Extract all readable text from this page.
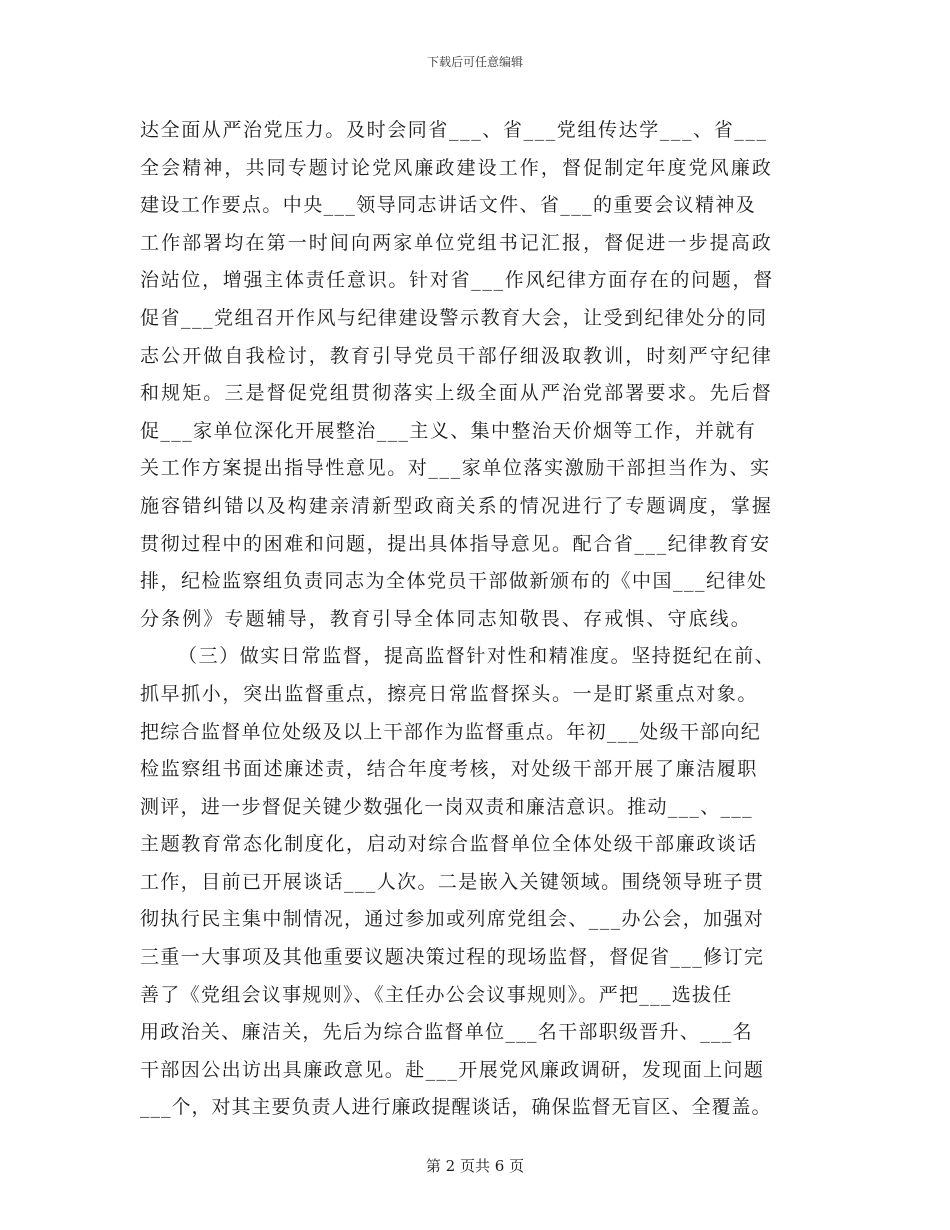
下载后可任意编辑
达全面从严治党压力。及时会同省___、省___党组传达学___、省___
全会精神，共同专题讨论党风廉政建设工作，督促制定年度党风廉政
建设工作要点。中央___领导同志讲话文件、省___的重要会议精神及
工作部署均在第一时间向两家单位党组书记汇报，督促进一步提高政
治站位，增强主体责任意识。针对省___作风纪律方面存在的问题，督
促省___党组召开作风与纪律建设警示教育大会，让受到纪律处分的同
志公开做自我检讨，教育引导党员干部仔细汲取教训，时刻严守纪律
和规矩。三是督促党组贯彻落实上级全面从严治党部署要求。先后督
促___家单位深化开展整治___主义、集中整治天价烟等工作，并就有
关工作方案提出指导性意见。对___家单位落实激励干部担当作为、实
施容错纠错以及构建亲清新型政商关系的情况进行了专题调度，掌握
贯彻过程中的困难和问题，提出具体指导意见。配合省___纪律教育安
排，纪检监察组负责同志为全体党员干部做新颁布的《中国___纪律处
分条例》专题辅导，教育引导全体同志知敬畏、存戒惧、守底线。
（三）做实日常监督，提高监督针对性和精准度。坚持挺纪在前、
抓早抓小，突出监督重点，擦亮日常监督探头。一是盯紧重点对象。
把综合监督单位处级及以上干部作为监督重点。年初___处级干部向纪
检监察组书面述廉述责，结合年度考核，对处级干部开展了廉洁履职
测评，进一步督促关键少数强化一岗双责和廉洁意识。推动___、___
主题教育常态化制度化，启动对综合监督单位全体处级干部廉政谈话
工作，目前已开展谈话___人次。二是嵌入关键领域。围绕领导班子贯
彻执行民主集中制情况，通过参加或列席党组会、___办公会，加强对
三重一大事项及其他重要议题决策过程的现场监督，督促省___修订完
善了《党组会议事规则》、《主任办公会议事规则》。严把___选拔任
用政治关、廉洁关，先后为综合监督单位___名干部职级晋升、___名
干部因公出访出具廉政意见。赴___开展党风廉政调研，发现面上问题
___个，对其主要负责人进行廉政提醒谈话，确保监督无盲区、全覆盖。
第 2 页共 6 页
